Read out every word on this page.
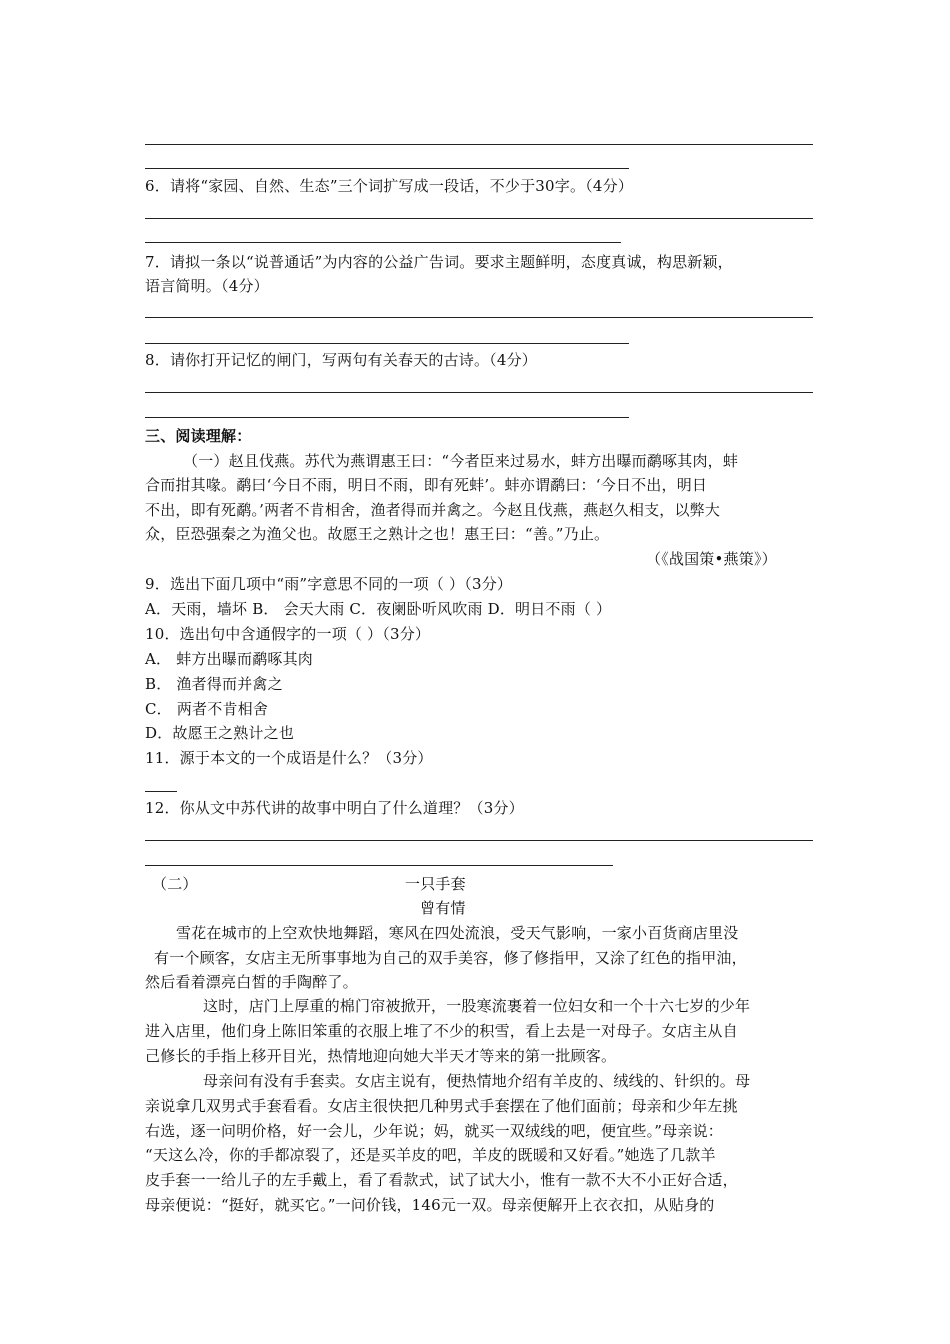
6．请将“家园、自然、生态”三个词扩写成一段话，不少于30字。（4分）
7．请拟一条以“说普通话”为内容的公益广告词。要求主题鲜明，态度真诚，构思新颖，
语言简明。（4分）
8．请你打开记忆的闸门，写两句有关春天的古诗。（4分）
三、阅读理解：
（一）赵且伐燕。苏代为燕谓惠王曰：“今者臣来过易水，蚌方出曝而鹬啄其肉，蚌
合而拑其喙。鹬曰‘今日不雨，明日不雨，即有死蚌’。蚌亦谓鹬曰：‘今日不出，明日
不出，即有死鹬。’两者不肯相舍，渔者得而并禽之。今赵且伐燕，燕赵久相支，以弊大
众，臣恐强秦之为渔父也。故愿王之熟计之也！惠王曰：“善。”乃止。
（《战国策•燕策》）
9．选出下面几项中“雨”字意思不同的一项（ ）（3分）
A．天雨，墙坏 B． 会天大雨 C．夜阑卧听风吹雨 D．明日不雨（ ）
10．选出句中含通假字的一项（ ）（3分）
A． 蚌方出曝而鹬啄其肉
B． 渔者得而并禽之
C． 两者不肯相舍
D．故愿王之熟计之也
11．源于本文的一个成语是什么？（3分）
12．你从文中苏代讲的故事中明白了什么道理？（3分）
（二）	一只手套
曾有情
雪花在城市的上空欢快地舞蹈，寒风在四处流浪，受天气影响，一家小百货商店里没
有一个顾客，女店主无所事事地为自己的双手美容，修了修指甲，又涂了红色的指甲油，
然后看着漂亮白皙的手陶醉了。
这时，店门上厚重的棉门帘被掀开，一股寒流裹着一位妇女和一个十六七岁的少年
进入店里，他们身上陈旧笨重的衣服上堆了不少的积雪，看上去是一对母子。女店主从自
己修长的手指上移开目光，热情地迎向她大半天才等来的第一批顾客。
母亲问有没有手套卖。女店主说有，便热情地介绍有羊皮的、绒线的、针织的。母
亲说拿几双男式手套看看。女店主很快把几种男式手套摆在了他们面前；母亲和少年左挑
右选，逐一问明价格，好一会儿，少年说；妈，就买一双绒线的吧，便宜些。”母亲说：
“天这么冷，你的手都凉裂了，还是买羊皮的吧，羊皮的既暖和又好看。”她选了几款羊
皮手套一一给儿子的左手戴上，看了看款式，试了试大小，惟有一款不大不小正好合适，
母亲便说：“挺好，就买它。”一问价钱，146元一双。母亲便解开上衣衣扣，从贴身的
